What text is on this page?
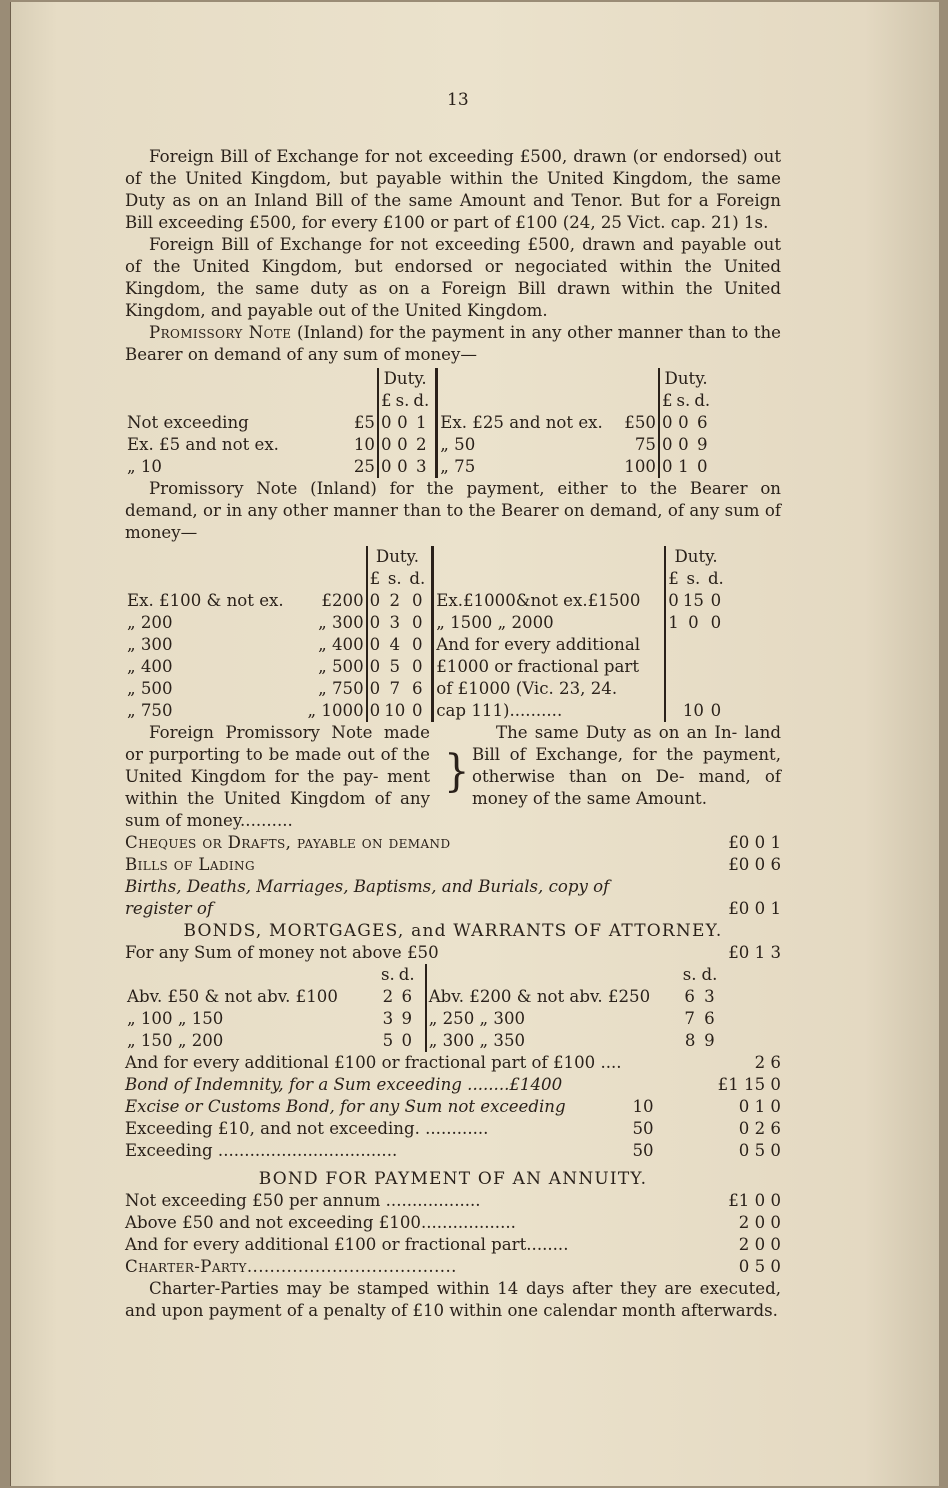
13

Foreign Bill of Exchange for not exceeding £500, drawn (or endorsed) out of the United Kingdom, but payable within the United Kingdom, the same Duty as on an Inland Bill of the same Amount and Tenor. But for a Foreign Bill exceeding £500, for every £100 or part of £100 (24, 25 Vict. cap. 21) 1s.

Foreign Bill of Exchange for not exceeding £500, drawn and payable out of the United Kingdom, but endorsed or negociated within the United Kingdom, the same duty as on a Foreign Bill drawn within the United Kingdom, and payable out of the United Kingdom.

Promissory Note (Inland) for the payment in any other manner than to the Bearer on demand of any sum of money—

		Duty.		
		£	s.	d.
Not exceeding	£5	0	0	1
Ex. £5 and not ex.	10	0	0	2
„ 10	25	0	0	3
		Duty.		
		£	s.	d.
Ex. £25 and not ex.	£50	0	0	6
„ 50	75	0	0	9
„ 75	100	0	1	0

Promissory Note (Inland) for the payment, either to the Bearer on demand, or in any other manner than to the Bearer on demand, of any sum of money—

		Duty.		
		£	s.	d.
Ex. £100 & not ex.	£200	0	2	0
„ 200	„ 300	0	3	0
„ 300	„ 400	0	4	0
„ 400	„ 500	0	5	0
„ 500	„ 750	0	7	6
„ 750	„ 1000	0	10	0
	Duty.		
	£	s.	d.
Ex.£1000&not ex.£1500	0	15	0
„ 1500 „ 2000	1	0	0
And for every additional			
£1000 or fractional part			
of £1000 (Vic. 23, 24.			
cap 111)..........		10	0

Foreign Promissory Note made or purporting to be made out of the United Kingdom for the pay- ment within the United Kingdom of any sum of money..........

}

The same Duty as on an In- land Bill of Exchange, for the payment, otherwise than on De- mand, of money of the same Amount.

Cheques or Drafts, payable on demand	£0 0 1
Bills of Lading	£0 0 6
Births, Deaths, Marriages, Baptisms, and Burials, copy of register of	£0 0 1

BONDS, MORTGAGES, and WARRANTS OF ATTORNEY.

For any Sum of money not above £50	£0 1 3
	s.	d.
Abv. £50 & not abv. £100	2	6
„ 100 „ 150	3	9
„ 150 „ 200	5	0
	s.	d.
Abv. £200 & not abv. £250	6	3
„ 250 „ 300	7	6
„ 300 „ 350	8	9
And for every additional £100 or fractional part of £100 ....	2 6
Bond of Indemnity, for a Sum exceeding ........£1400	£1 15 0
Excise or Customs Bond, for any Sum not exceeding	10	0 1 0
Exceeding £10, and not exceeding. ............	50	0 2 6
Exceeding ..................................	50	0 5 0

BOND FOR PAYMENT OF AN ANNUITY.

Not exceeding £50 per annum ..................	£1 0 0
Above £50 and not exceeding £100..................	2 0 0
And for every additional £100 or fractional part........	2 0 0
Charter-Party.....................................	0 5 0

Charter-Parties may be stamped within 14 days after they are executed, and upon payment of a penalty of £10 within one calendar month afterwards.
